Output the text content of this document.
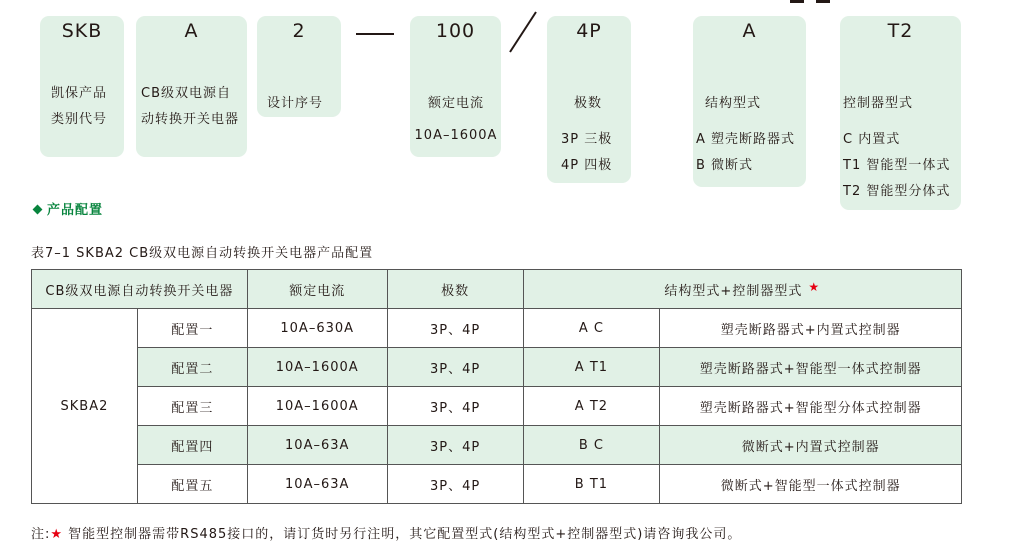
SKB
凯保产品
类别代号
A
CB级双电源自
动转换开关电器
2
设计序号
100
额定电流
10A–1600A
4P
极数
3P 三极
4P 四极
A
结构型式
A 塑壳断路器式
B 微断式
T2
控制器型式
C 内置式
T1 智能型一体式
T2 智能型分体式
产品配置
表7–1 SKBA2 CB级双电源自动转换开关电器产品配置
CB级双电源自动转换开关电器		额定电流	极数	结构型式+控制器型式 ★	
SKBA2	配置一	10A–630A	3P、4P	A C	塑壳断路器式+内置式控制器
	配置二	10A–1600A	3P、4P	A T1	塑壳断路器式+智能型一体式控制器
	配置三	10A–1600A	3P、4P	A T2	塑壳断路器式+智能型分体式控制器
	配置四	10A–63A	3P、4P	B C	微断式+内置式控制器
	配置五	10A–63A	3P、4P	B T1	微断式+智能型一体式控制器
注:★ 智能型控制器需带RS485接口的，请订货时另行注明，其它配置型式(结构型式+控制器型式)请咨询我公司。
